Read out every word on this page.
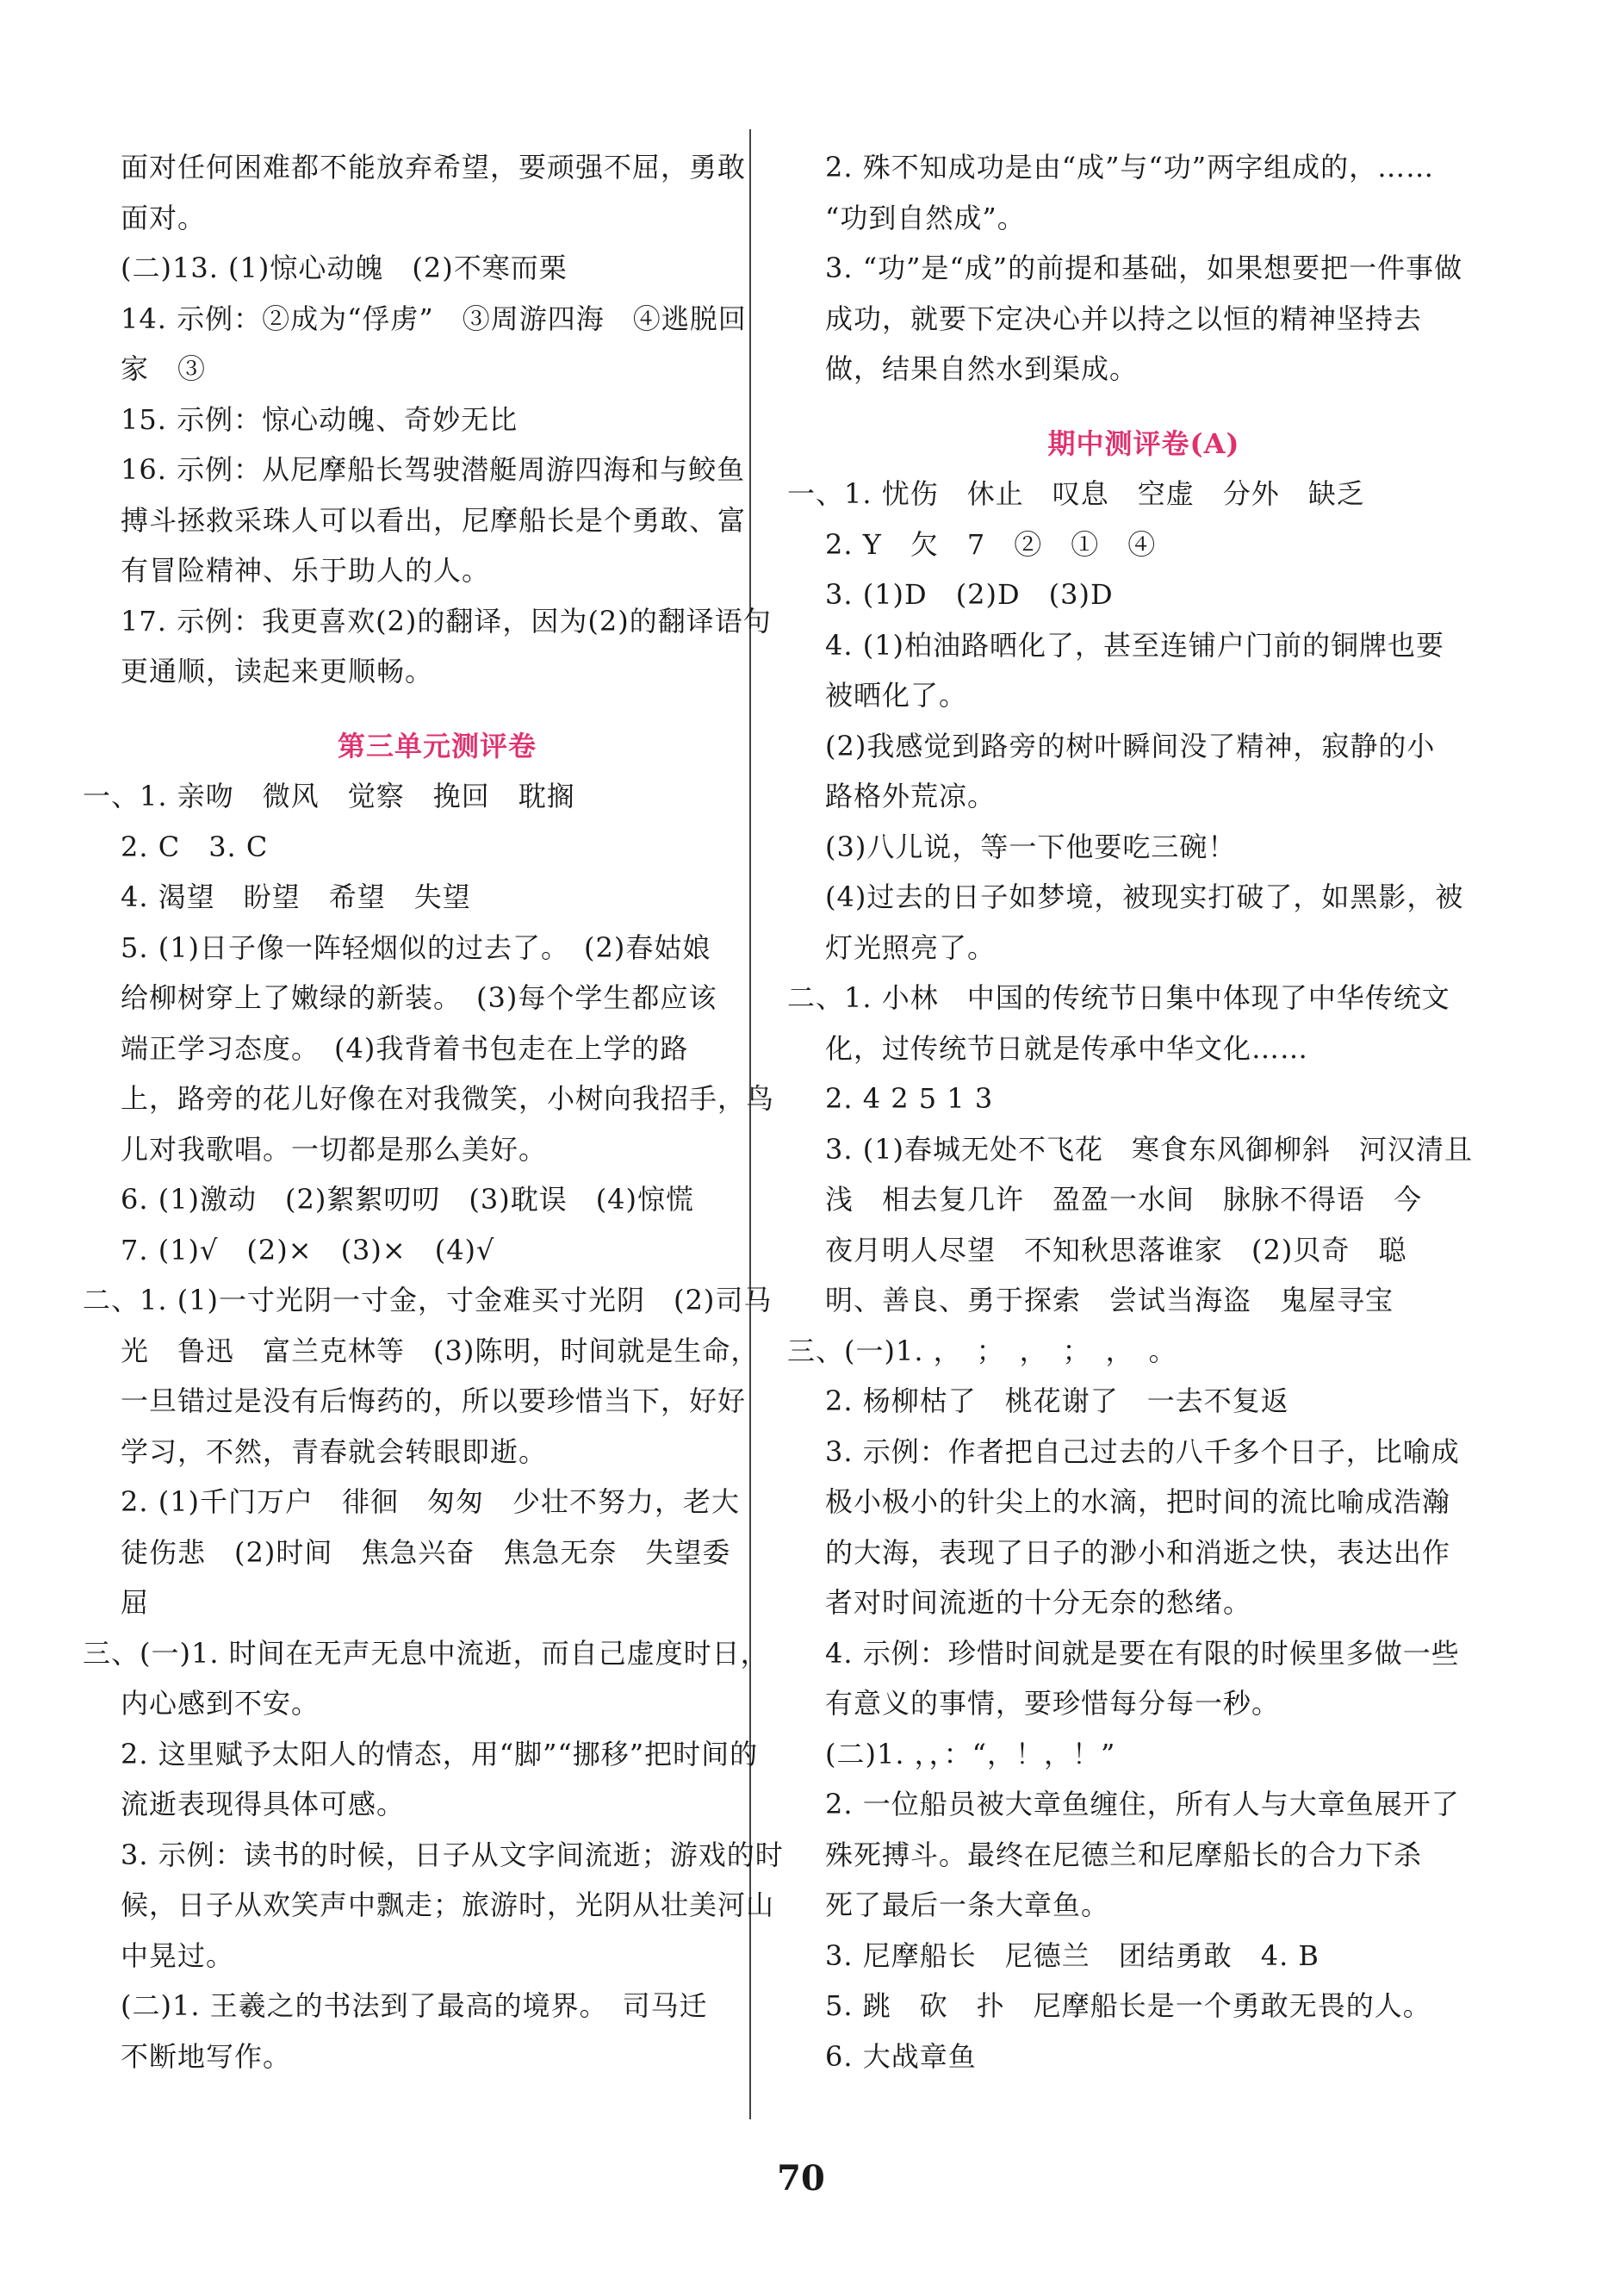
面对任何困难都不能放弃希望，要顽强不屈，勇敢
面对。
(二)13. (1)惊心动魄　(2)不寒而栗
14. 示例：②成为“俘虏”　③周游四海　④逃脱回
家　③
15. 示例：惊心动魄、奇妙无比
16. 示例：从尼摩船长驾驶潜艇周游四海和与鲛鱼
搏斗拯救采珠人可以看出，尼摩船长是个勇敢、富
有冒险精神、乐于助人的人。
17. 示例：我更喜欢(2)的翻译，因为(2)的翻译语句
更通顺，读起来更顺畅。
第三单元测评卷
一、1. 亲吻　微风　觉察　挽回　耽搁
2. C　3. C
4. 渴望　盼望　希望　失望
5. (1)日子像一阵轻烟似的过去了。　(2)春姑娘
给柳树穿上了嫩绿的新装。　(3)每个学生都应该
端正学习态度。　(4)我背着书包走在上学的路
上，路旁的花儿好像在对我微笑，小树向我招手，鸟
儿对我歌唱。一切都是那么美好。
6. (1)激动　(2)絮絮叨叨　(3)耽误　(4)惊慌
7. (1)√　(2)×　(3)×　(4)√
二、1. (1)一寸光阴一寸金，寸金难买寸光阴　(2)司马
光　鲁迅　富兰克林等　(3)陈明，时间就是生命，
一旦错过是没有后悔药的，所以要珍惜当下，好好
学习，不然，青春就会转眼即逝。
2. (1)千门万户　徘徊　匆匆　少壮不努力，老大
徒伤悲　(2)时间　焦急兴奋　焦急无奈　失望委
屈
三、(一)1. 时间在无声无息中流逝，而自己虚度时日，
内心感到不安。
2. 这里赋予太阳人的情态，用“脚”“挪移”把时间的
流逝表现得具体可感。
3. 示例：读书的时候，日子从文字间流逝；游戏的时
候，日子从欢笑声中飘走；旅游时，光阴从壮美河山
中晃过。
(二)1. 王羲之的书法到了最高的境界。　司马迁
不断地写作。
2. 殊不知成功是由“成”与“功”两字组成的，……
“功到自然成”。
3. “功”是“成”的前提和基础，如果想要把一件事做
成功，就要下定决心并以持之以恒的精神坚持去
做，结果自然水到渠成。
期中测评卷(A)
一、1. 忧伤　休止　叹息　空虚　分外　缺乏
2. Y　欠　7　②　①　④
3. (1)D　(2)D　(3)D
4. (1)柏油路晒化了，甚至连铺户门前的铜牌也要
被晒化了。
(2)我感觉到路旁的树叶瞬间没了精神，寂静的小
路格外荒凉。
(3)八儿说，等一下他要吃三碗！
(4)过去的日子如梦境，被现实打破了，如黑影，被
灯光照亮了。
二、1. 小林　中国的传统节日集中体现了中华传统文
化，过传统节日就是传承中华文化……
2. 4 2 5 1 3
3. (1)春城无处不飞花　寒食东风御柳斜　河汉清且
浅　相去复几许　盈盈一水间　脉脉不得语　今
夜月明人尽望　不知秋思落谁家　(2)贝奇　聪
明、善良、勇于探索　尝试当海盗　鬼屋寻宝
三、(一)1. ，　；　，　；　，　。
2. 杨柳枯了　桃花谢了　一去不复返
3. 示例：作者把自己过去的八千多个日子，比喻成
极小极小的针尖上的水滴，把时间的流比喻成浩瀚
的大海，表现了日子的渺小和消逝之快，表达出作
者对时间流逝的十分无奈的愁绪。
4. 示例：珍惜时间就是要在有限的时候里多做一些
有意义的事情，要珍惜每分每一秒。
(二)1. ，，：“，！，！”
2. 一位船员被大章鱼缠住，所有人与大章鱼展开了
殊死搏斗。最终在尼德兰和尼摩船长的合力下杀
死了最后一条大章鱼。
3. 尼摩船长　尼德兰　团结勇敢　4. B
5. 跳　砍　扑　尼摩船长是一个勇敢无畏的人。
6. 大战章鱼
70
